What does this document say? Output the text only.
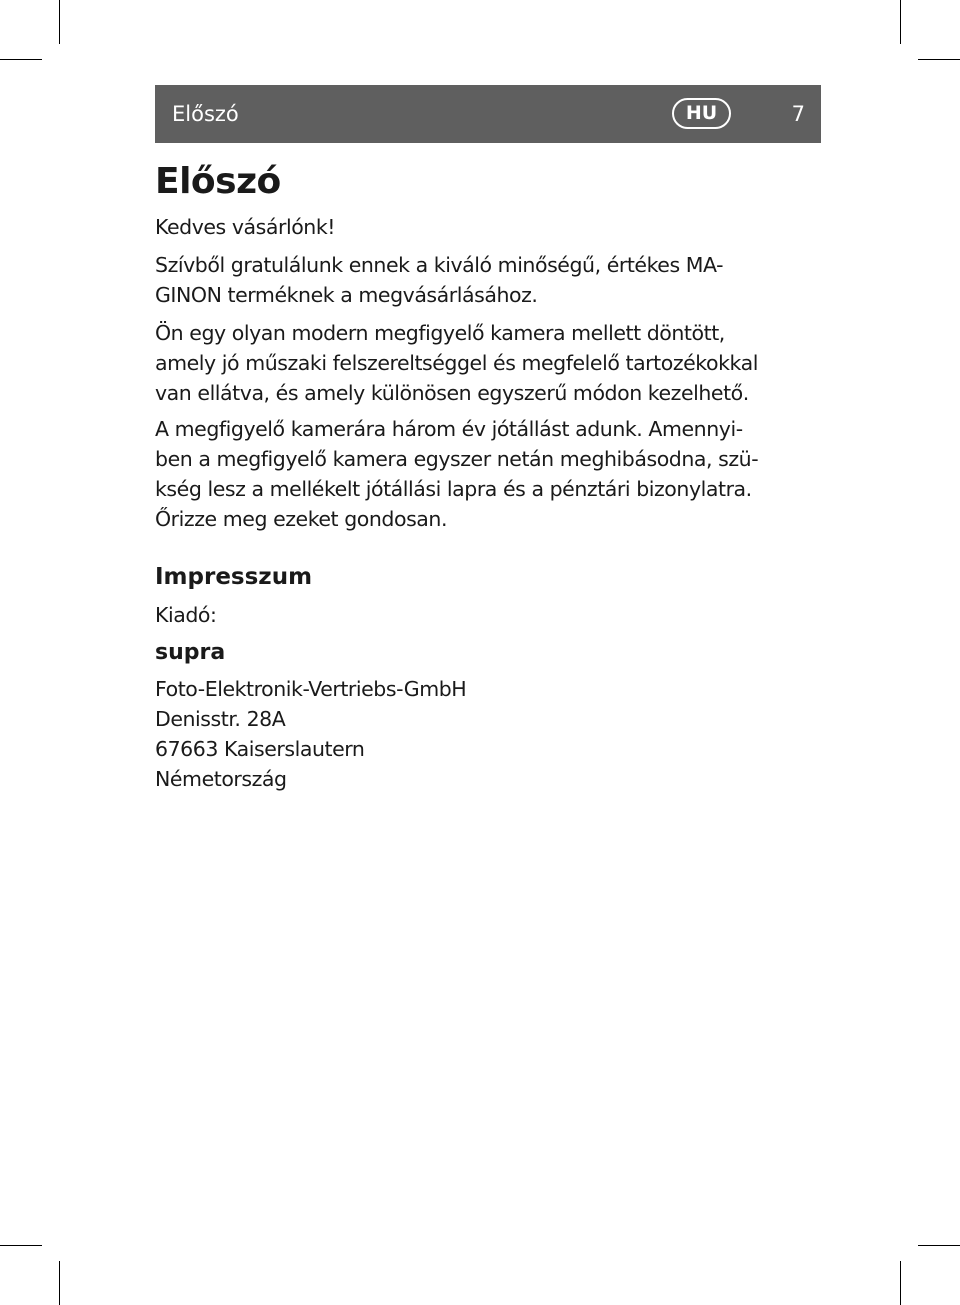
Előszó	HU	7
Előszó

Kedves vásárlónk!

Szívből gratulálunk ennek a kiváló minőségű, értékes MA-

GINON terméknek a megvásárlásához.

Ön egy olyan modern megfigyelő kamera mellett döntött,

amely jó műszaki felszereltséggel és megfelelő tartozékokkal

van ellátva, és amely különösen egyszerű módon kezelhető.

A megfigyelő kamerára három év jótállást adunk. Amennyi-

ben a megfigyelő kamera egyszer netán meghibásodna, szü-

kség lesz a mellékelt jótállási lapra és a pénztári bizonylatra.

Őrizze meg ezeket gondosan.

Impresszum

Kiadó:

supra

Foto-Elektronik-Vertriebs-GmbH

Denisstr. 28A

67663 Kaiserslautern

Németország
